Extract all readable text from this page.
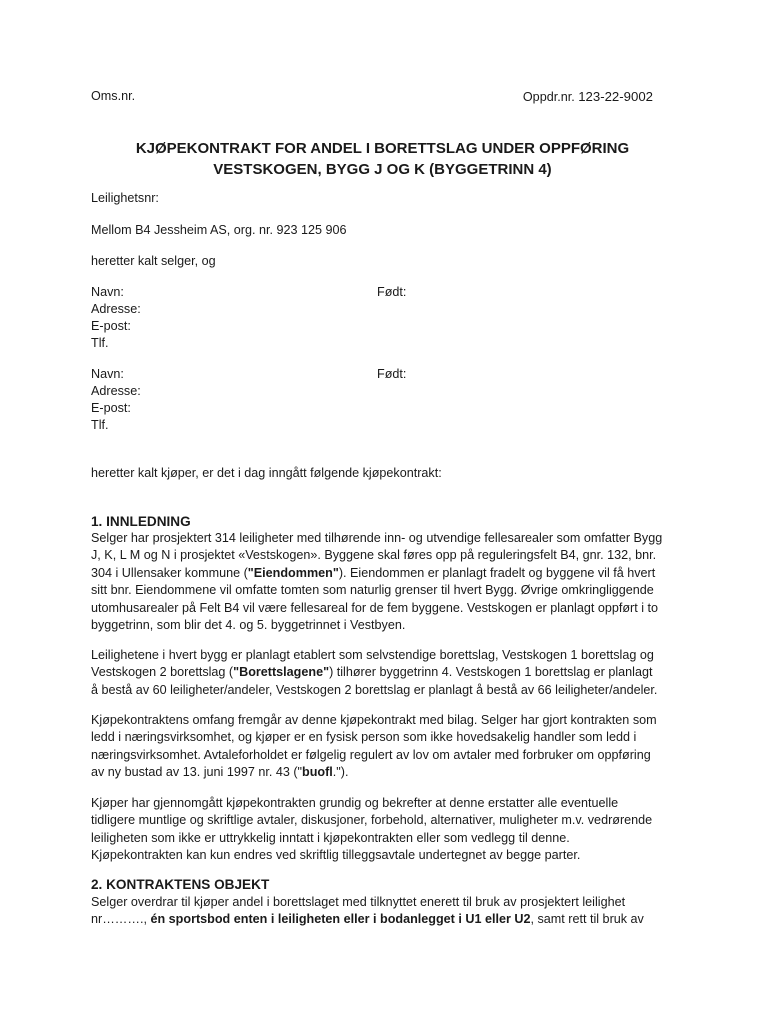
Oms.nr.	Oppdr.nr. 123-22-9002
KJØPEKONTRAKT FOR ANDEL I BORETTSLAG UNDER OPPFØRING
VESTSKOGEN, BYGG J OG K (BYGGETRINN 4)
Leilighetsnr:
Mellom B4 Jessheim AS, org. nr. 923 125 906
heretter kalt selger, og
Navn:	Født:
Adresse:
E-post:
Tlf.
Navn:	Født:
Adresse:
E-post:
Tlf.
heretter kalt kjøper, er det i dag inngått følgende kjøpekontrakt:
1. INNLEDNING
Selger har prosjektert 314 leiligheter med tilhørende inn- og utvendige fellesarealer som omfatter Bygg
J, K, L M og N i prosjektet «Vestskogen». Byggene skal føres opp på reguleringsfelt B4, gnr. 132, bnr.
304 i Ullensaker kommune ("Eiendommen"). Eiendommen er planlagt fradelt og byggene vil få hvert
sitt bnr. Eiendommene vil omfatte tomten som naturlig grenser til hvert Bygg. Øvrige omkringliggende
utomhusarealer på Felt B4 vil være fellesareal for de fem byggene. Vestskogen er planlagt oppført i to
byggetrinn, som blir det 4. og 5. byggetrinnet i Vestbyen.
Leilighetene i hvert bygg er planlagt etablert som selvstendige borettslag, Vestskogen 1 borettslag og
Vestskogen 2 borettslag ("Borettslagene") tilhører byggetrinn 4. Vestskogen 1 borettslag er planlagt
å bestå av 60 leiligheter/andeler, Vestskogen 2 borettslag er planlagt å bestå av 66 leiligheter/andeler.
Kjøpekontraktens omfang fremgår av denne kjøpekontrakt med bilag. Selger har gjort kontrakten som
ledd i næringsvirksomhet, og kjøper er en fysisk person som ikke hovedsakelig handler som ledd i
næringsvirksomhet. Avtaleforholdet er følgelig regulert av lov om avtaler med forbruker om oppføring
av ny bustad av 13. juni 1997 nr. 43 ("buofl.").
Kjøper har gjennomgått kjøpekontrakten grundig og bekrefter at denne erstatter alle eventuelle
tidligere muntlige og skriftlige avtaler, diskusjoner, forbehold, alternativer, muligheter m.v. vedrørende
leiligheten som ikke er uttrykkelig inntatt i kjøpekontrakten eller som vedlegg til denne.
Kjøpekontrakten kan kun endres ved skriftlig tilleggsavtale undertegnet av begge parter.
2. KONTRAKTENS OBJEKT
Selger overdrar til kjøper andel i borettslaget med tilknyttet enerett til bruk av prosjektert leilighet
nr………., én sportsbod enten i leiligheten eller i bodanlegget i U1 eller U2, samt rett til bruk av
